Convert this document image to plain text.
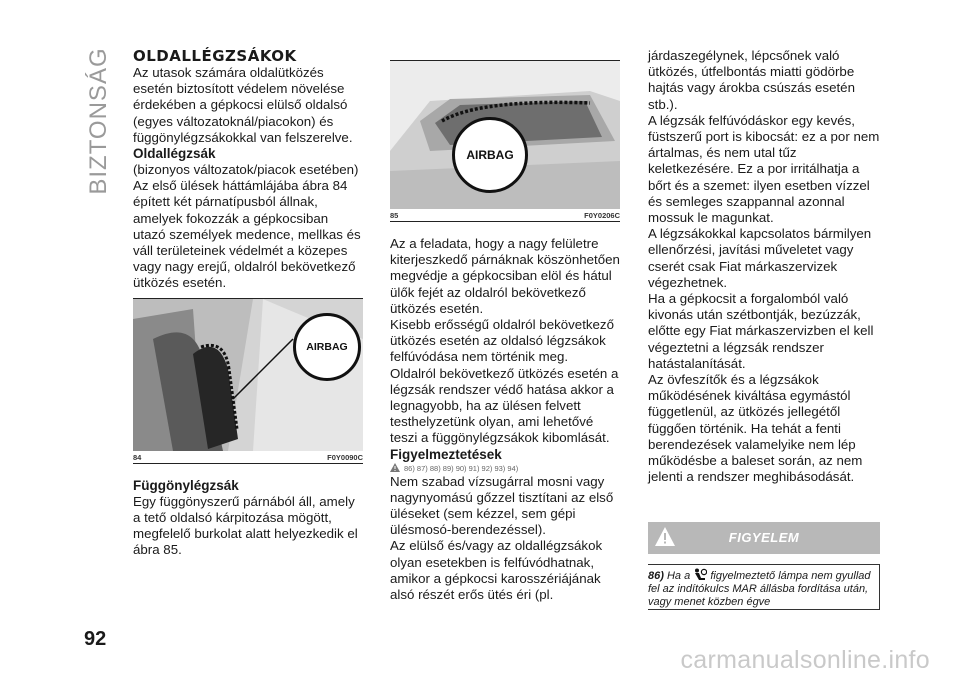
BIZTONSÁG
92

OLDALLÉGZSÁKOK

Az utasok számára oldalütközés esetén biztosított védelem növelése érdekében a gépkocsi elülső oldalsó (egyes változatoknál/piacokon) és függönylégzsákokkal van felszerelve.

Oldallégzsák

(bizonyos változatok/piacok esetében)

Az első ülések háttámlájába ábra 84 épített két párnatípusból állnak, amelyek fokozzák a gépkocsiban utazó személyek medence, mellkas és váll területeinek védelmét a közepes vagy nagy erejű, oldalról bekövetkező ütközés esetén.

AIRBAG
84	F0Y0090C

Függönylégzsák

Egy függönyszerű párnából áll, amely a tető oldalsó kárpitozása mögött, megfelelő burkolat alatt helyezkedik el ábra 85.

AIRBAG
85	F0Y0206C

Az a feladata, hogy a nagy felületre kiterjeszkedő párnáknak köszönhetően megvédje a gépkocsiban elöl és hátul ülők fejét az oldalról bekövetkező ütközés esetén.

Kisebb erősségű oldalról bekövetkező ütközés esetén az oldalsó légzsákok felfúvódása nem történik meg.

Oldalról bekövetkező ütközés esetén a légzsák rendszer védő hatása akkor a legnagyobb, ha az ülésen felvett testhelyzetünk olyan, ami lehetővé teszi a függönylégzsákok kibomlását.

Figyelmeztetések

86) 87) 88) 89) 90) 91) 92) 93) 94)

Nem szabad vízsugárral mosni vagy nagynyomású gőzzel tisztítani az első üléseket (sem kézzel, sem gépi ülésmosó-berendezéssel).

Az elülső és/vagy az oldallégzsákok olyan esetekben is felfúvódhatnak, amikor a gépkocsi karosszériájának alsó részét erős ütés éri (pl.

járdaszegélynek, lépcsőnek való ütközés, útfelbontás miatti gödörbe hajtás vagy árokba csúszás esetén stb.).

A légzsák felfúvódáskor egy kevés, füstszerű port is kibocsát: ez a por nem ártalmas, és nem utal tűz keletkezésére. Ez a por irritálhatja a bőrt és a szemet: ilyen esetben vízzel és semleges szappannal azonnal mossuk le magunkat.

A légzsákokkal kapcsolatos bármilyen ellenőrzési, javítási műveletet vagy cserét csak Fiat márkaszervizek végezhetnek.

Ha a gépkocsit a forgalomból való kivonás után szétbontják, bezúzzák, előtte egy Fiat márkaszervizben el kell végeztetni a légzsák rendszer hatástalanítását.

Az övfeszítők és a légzsákok működésének kiváltása egymástól függetlenül, az ütközés jellegétől függően történik. Ha tehát a fenti berendezések valamelyike nem lép működésbe a baleset során, az nem jelenti a rendszer meghibásodását.

FIGYELEM
86) Ha a figyelmeztető lámpa nem gyullad fel az indítókulcs MAR állásba fordítása után, vagy menet közben égve
carmanualsonline.info
